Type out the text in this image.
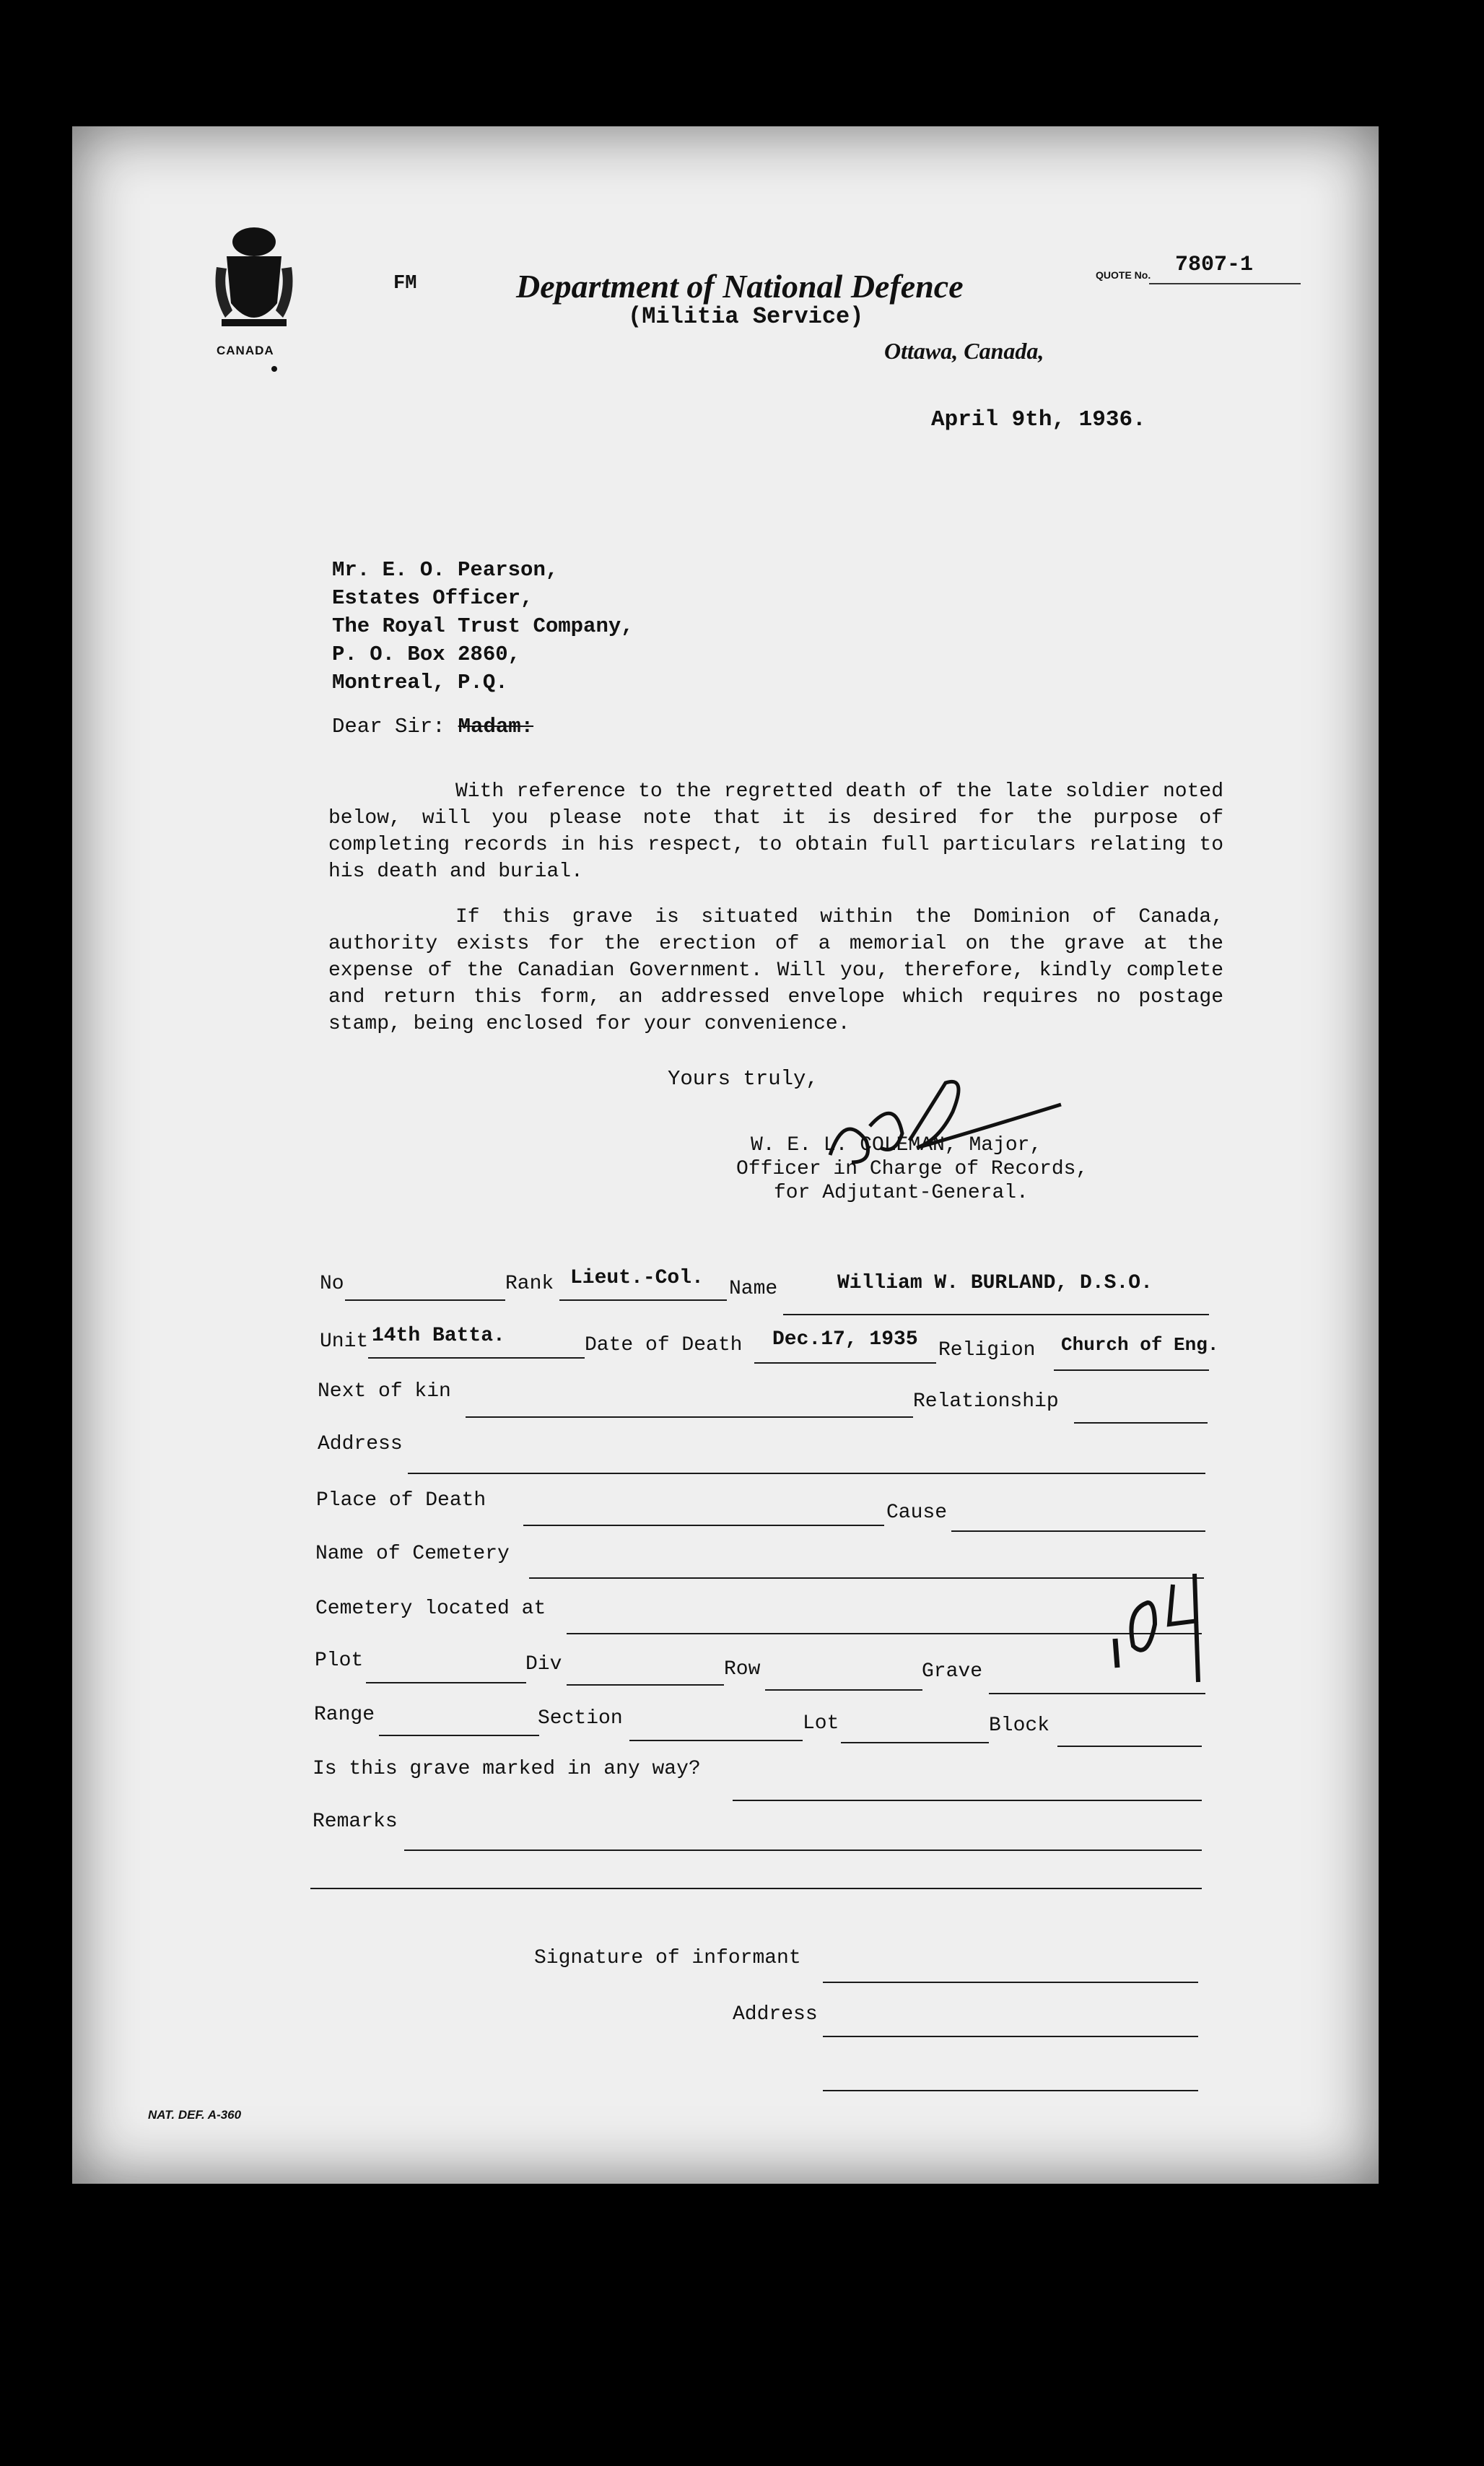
CANADA
FM	Department of National Defence
(Militia Service)
QUOTE No. 7807-1
Ottawa, Canada,
April 9th, 1936.
Mr. E. O. Pearson,
Estates Officer,
The Royal Trust Company,
P. O. Box 2860,
Montreal, P.Q.
Dear Sir: Madam:
With reference to the regretted death of the late soldier noted below, will you please note that it is desired for the purpose of completing records in his respect, to obtain full particulars relating to his death and burial.
If this grave is situated within the Dominion of Canada, authority exists for the erection of a memorial on the grave at the expense of the Canadian Government. Will you, therefore, kindly complete and return this form, an addressed envelope which requires no postage stamp, being enclosed for your convenience.
Yours truly,
W. E. L. COLEMAN, Major,
Officer in Charge of Records,
for Adjutant-General.
No	Rank Lieut.-Col. Name	William W. BURLAND, D.S.O.
Unit 14th Batta.	Date of Death Dec.17, 1935 Religion Church of Eng.
Next of kin	Relationship
Address
Place of Death
Cause
Name of Cemetery
Cemetery located at
Plot	Div	Row	Grave
Range	Section	Lot	Block
Is this grave marked in any way?
Remarks
Signature of informant
Address
NAT. DEF. A-360
